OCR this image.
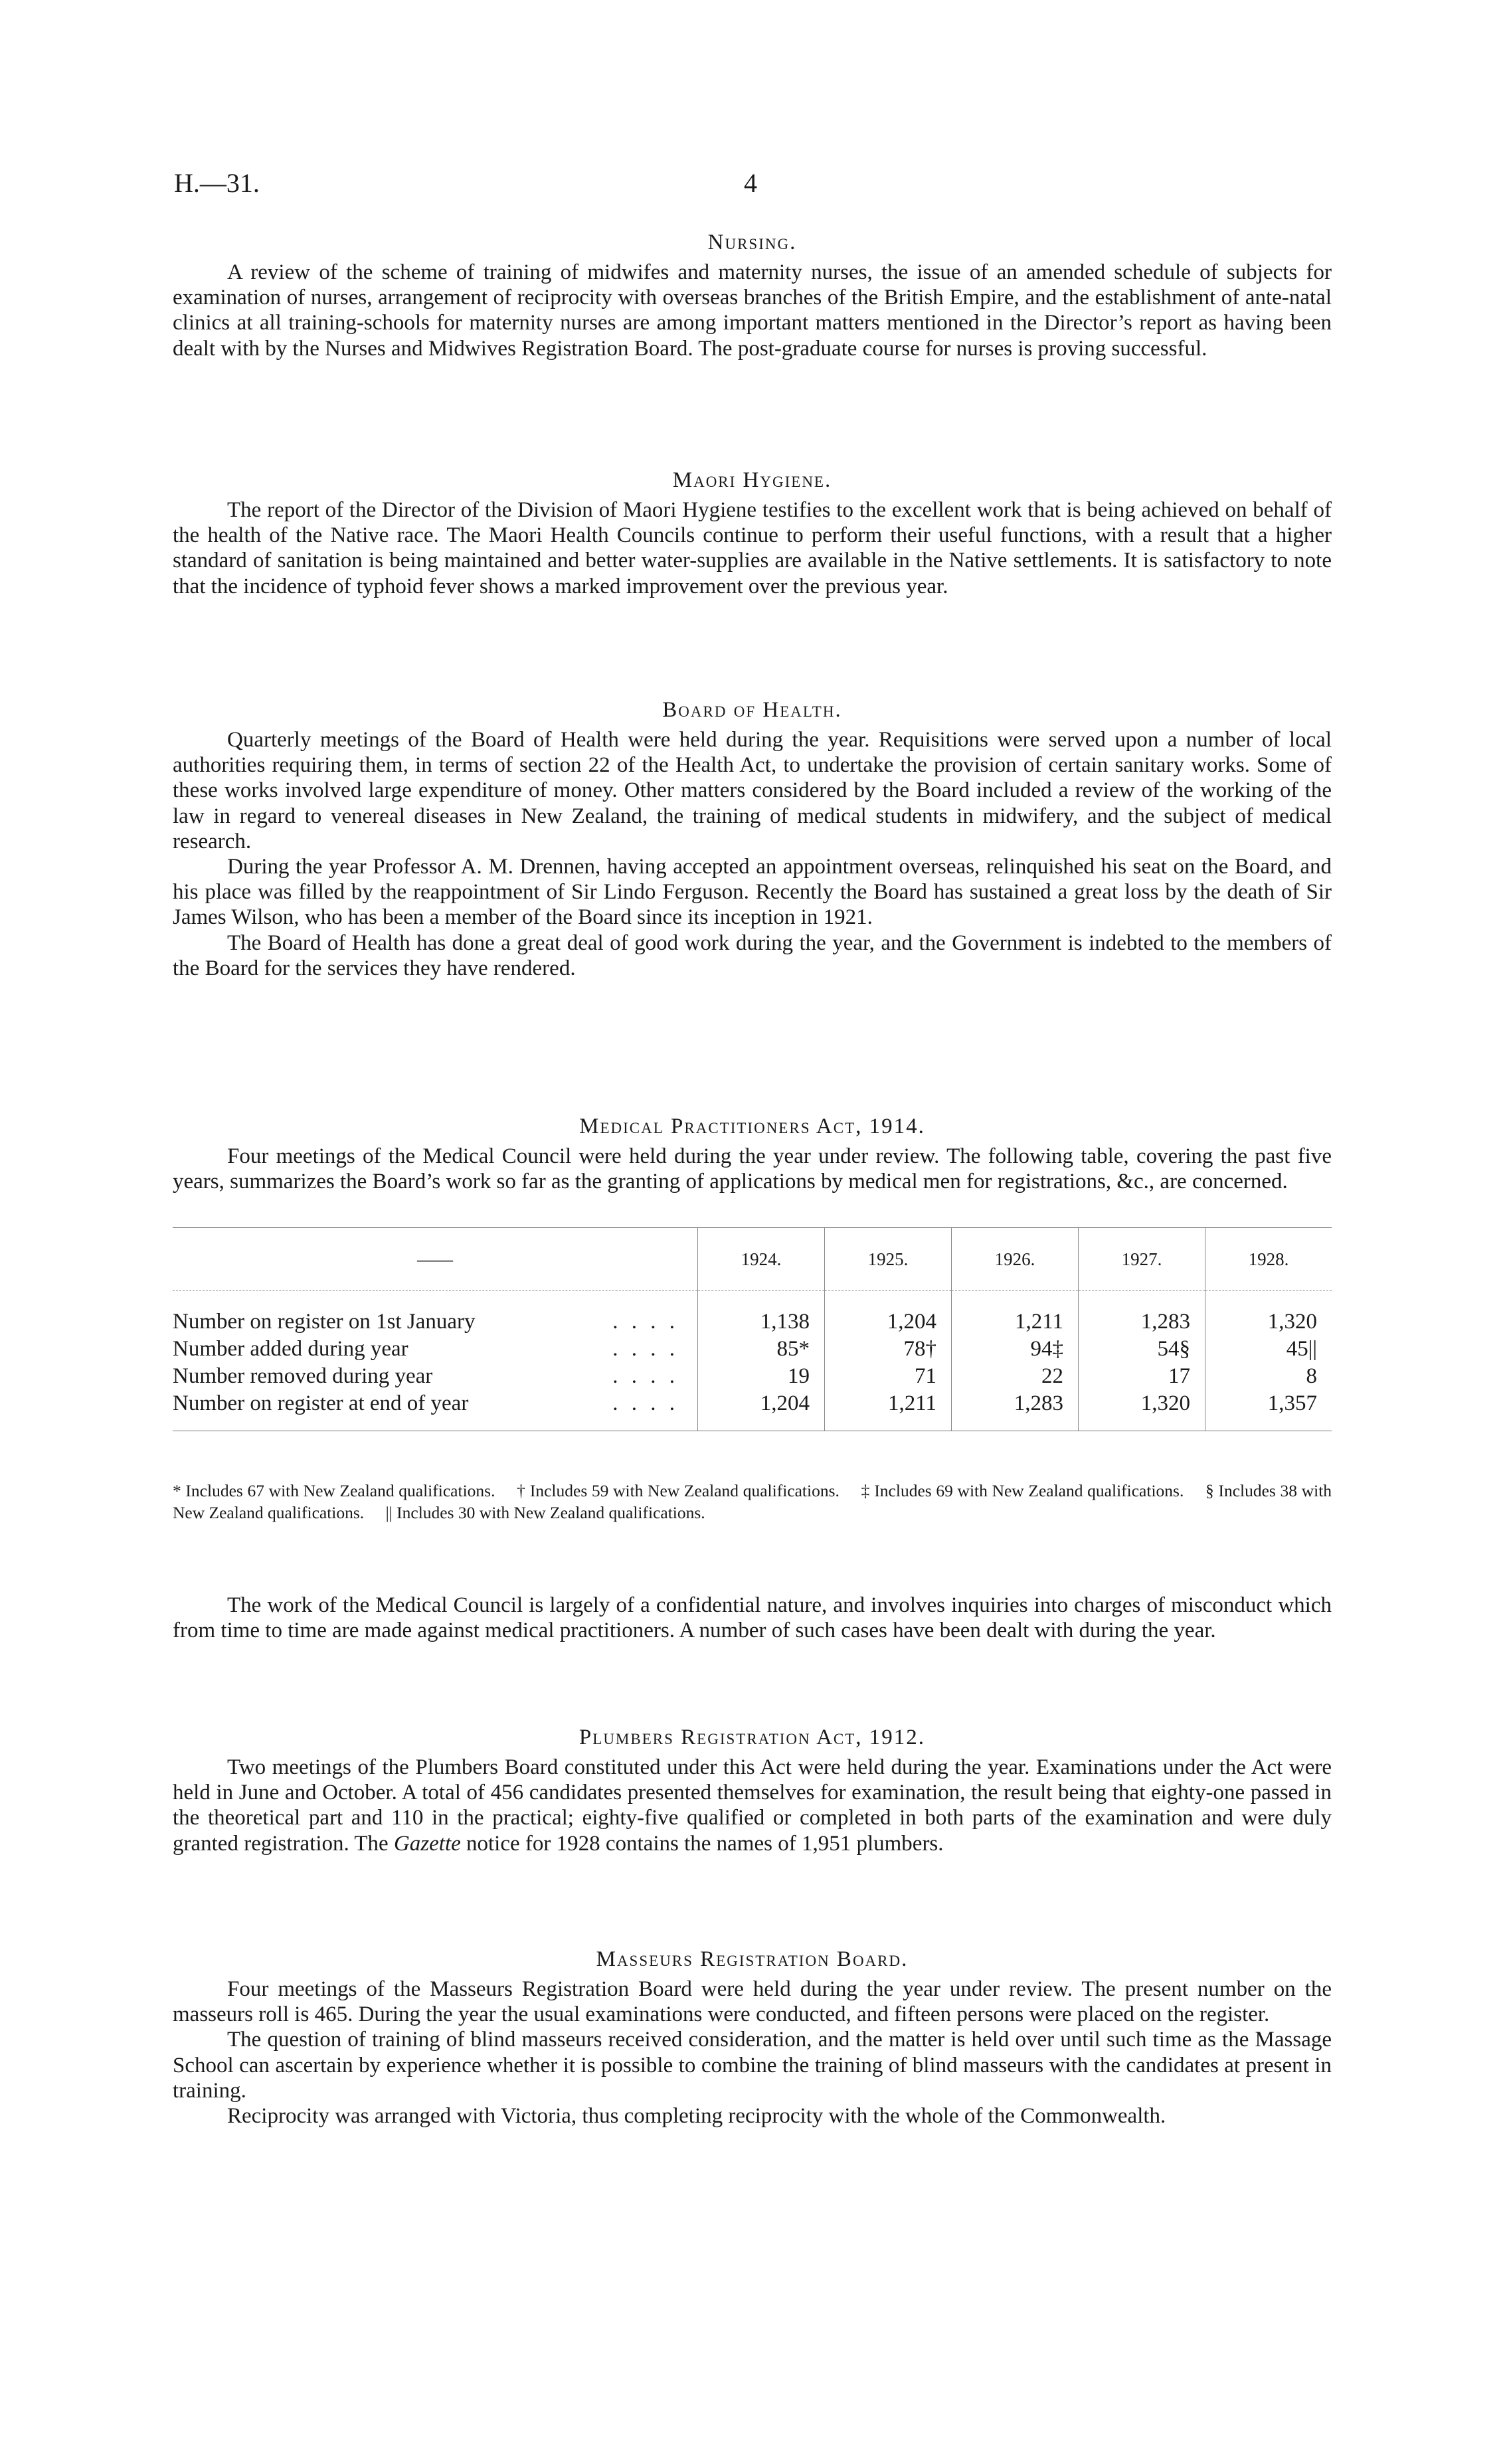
H.—31.	4
Nursing.

A review of the scheme of training of midwifes and maternity nurses, the issue of an amended schedule of subjects for examination of nurses, arrangement of reciprocity with overseas branches of the British Empire, and the establishment of ante-natal clinics at all training-schools for maternity nurses are among important matters mentioned in the Director’s report as having been dealt with by the Nurses and Midwives Registration Board. The post-graduate course for nurses is proving successful.

Maori Hygiene.

The report of the Director of the Division of Maori Hygiene testifies to the excellent work that is being achieved on behalf of the health of the Native race. The Maori Health Councils continue to perform their useful functions, with a result that a higher standard of sanitation is being maintained and better water-supplies are available in the Native settlements. It is satisfactory to note that the incidence of typhoid fever shows a marked improvement over the previous year.

Board of Health.

Quarterly meetings of the Board of Health were held during the year. Requisitions were served upon a number of local authorities requiring them, in terms of section 22 of the Health Act, to undertake the provision of certain sanitary works. Some of these works involved large expenditure of money. Other matters considered by the Board included a review of the working of the law in regard to venereal diseases in New Zealand, the training of medical students in midwifery, and the subject of medical research.

During the year Professor A. M. Drennen, having accepted an appointment overseas, relinquished his seat on the Board, and his place was filled by the reappointment of Sir Lindo Ferguson. Recently the Board has sustained a great loss by the death of Sir James Wilson, who has been a member of the Board since its inception in 1921.

The Board of Health has done a great deal of good work during the year, and the Government is indebted to the members of the Board for the services they have rendered.

Medical Practitioners Act, 1914.

Four meetings of the Medical Council were held during the year under review. The following table, covering the past five years, summarizes the Board’s work so far as the granting of applications by medical men for registrations, &c., are concerned.

——	1924.	1925.	1926.	1927.	1928.

Number on register on 1st January . . . .	1,138	1,204	1,211	1,283	1,320

Number added during year . . . .	85*	78†	94‡	54§	45||

Number removed during year . . . .	19	71	22	17	8

Number on register at end of year . . . .	1,204	1,211	1,283	1,320	1,357
* Includes 67 with New Zealand qualifications. † Includes 59 with New Zealand qualifications. ‡ Includes 69 with New Zealand qualifications. § Includes 38 with New Zealand qualifications. || Includes 30 with New Zealand qualifications.

The work of the Medical Council is largely of a confidential nature, and involves inquiries into charges of misconduct which from time to time are made against medical practitioners. A number of such cases have been dealt with during the year.

Plumbers Registration Act, 1912.

Two meetings of the Plumbers Board constituted under this Act were held during the year. Examinations under the Act were held in June and October. A total of 456 candidates presented themselves for examination, the result being that eighty-one passed in the theoretical part and 110 in the practical; eighty-five qualified or completed in both parts of the examination and were duly granted registration. The Gazette notice for 1928 contains the names of 1,951 plumbers.

Masseurs Registration Board.

Four meetings of the Masseurs Registration Board were held during the year under review. The present number on the masseurs roll is 465. During the year the usual examinations were conducted, and fifteen persons were placed on the register.

The question of training of blind masseurs received consideration, and the matter is held over until such time as the Massage School can ascertain by experience whether it is possible to combine the training of blind masseurs with the candidates at present in training.

Reciprocity was arranged with Victoria, thus completing reciprocity with the whole of the Commonwealth.
